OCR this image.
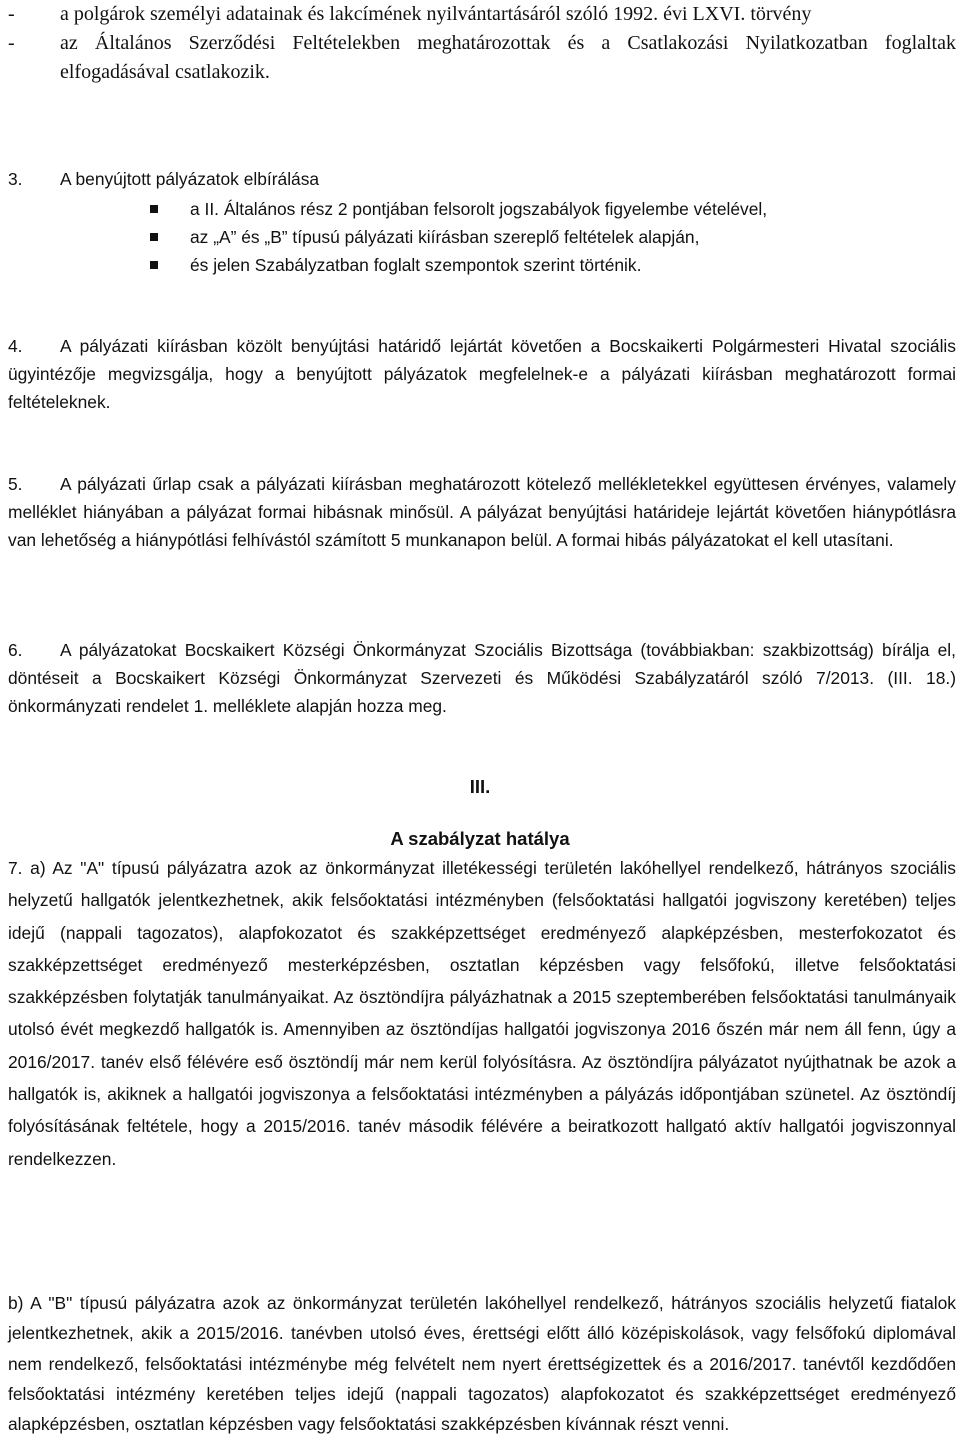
-	a polgárok személyi adatainak és lakcímének nyilvántartásáról szóló 1992. évi LXVI. törvény
-	az Általános Szerződési Feltételekben meghatározottak és a Csatlakozási Nyilatkozatban foglaltak elfogadásával csatlakozik.
3. A benyújtott pályázatok elbírálása
a II. Általános rész 2 pontjában felsorolt jogszabályok figyelembe vételével,
az „A” és „B” típusú pályázati kiírásban szereplő feltételek alapján,
és jelen Szabályzatban foglalt szempontok szerint történik.
4. A pályázati kiírásban közölt benyújtási határidő lejártát követően a Bocskaikerti Polgármesteri Hivatal szociális ügyintézője megvizsgálja, hogy a benyújtott pályázatok megfelelnek-e a pályázati kiírásban meghatározott formai feltételeknek.
5. A pályázati űrlap csak a pályázati kiírásban meghatározott kötelező mellékletekkel együttesen érvényes, valamely melléklet hiányában a pályázat formai hibásnak minősül. A pályázat benyújtási határideje lejártát követően hiánypótlásra van lehetőség a hiánypótlási felhívástól számított 5 munkanapon belül. A formai hibás pályázatokat el kell utasítani.
6. A pályázatokat Bocskaikert Községi Önkormányzat Szociális Bizottsága (továbbiakban: szakbizottság) bírálja el, döntéseit a Bocskaikert Községi Önkormányzat Szervezeti és Működési Szabályzatáról szóló 7/2013. (III. 18.) önkormányzati rendelet 1. melléklete alapján hozza meg.
III.
A szabályzat hatálya
7. a) Az "A" típusú pályázatra azok az önkormányzat illetékességi területén lakóhellyel rendelkező, hátrányos szociális helyzetű hallgatók jelentkezhetnek, akik felsőoktatási intézményben (felsőoktatási hallgatói jogviszony keretében) teljes idejű (nappali tagozatos), alapfokozatot és szakképzettséget eredményező alapképzésben, mesterfokozatot és szakképzettséget eredményező mesterképzésben, osztatlan képzésben vagy felsőfokú, illetve felsőoktatási szakképzésben folytatják tanulmányaikat. Az ösztöndíjra pályázhatnak a 2015 szeptemberében felsőoktatási tanulmányaik utolsó évét megkezdő hallgatók is. Amennyiben az ösztöndíjas hallgatói jogviszonya 2016 őszén már nem áll fenn, úgy a 2016/2017. tanév első félévére eső ösztöndíj már nem kerül folyósításra. Az ösztöndíjra pályázatot nyújthatnak be azok a hallgatók is, akiknek a hallgatói jogviszonya a felsőoktatási intézményben a pályázás időpontjában szünetel. Az ösztöndíj folyósításának feltétele, hogy a 2015/2016. tanév második félévére a beiratkozott hallgató aktív hallgatói jogviszonnyal rendelkezzen.
b) A "B" típusú pályázatra azok az önkormányzat területén lakóhellyel rendelkező, hátrányos szociális helyzetű fiatalok jelentkezhetnek, akik a 2015/2016. tanévben utolsó éves, érettségi előtt álló középiskolások, vagy felsőfokú diplomával nem rendelkező, felsőoktatási intézménybe még felvételt nem nyert érettségizettek és a 2016/2017. tanévtől kezdődően felsőoktatási intézmény keretében teljes idejű (nappali tagozatos) alapfokozatot és szakképzettséget eredményező alapképzésben, osztatlan képzésben vagy felsőoktatási szakképzésben kívánnak részt venni.
